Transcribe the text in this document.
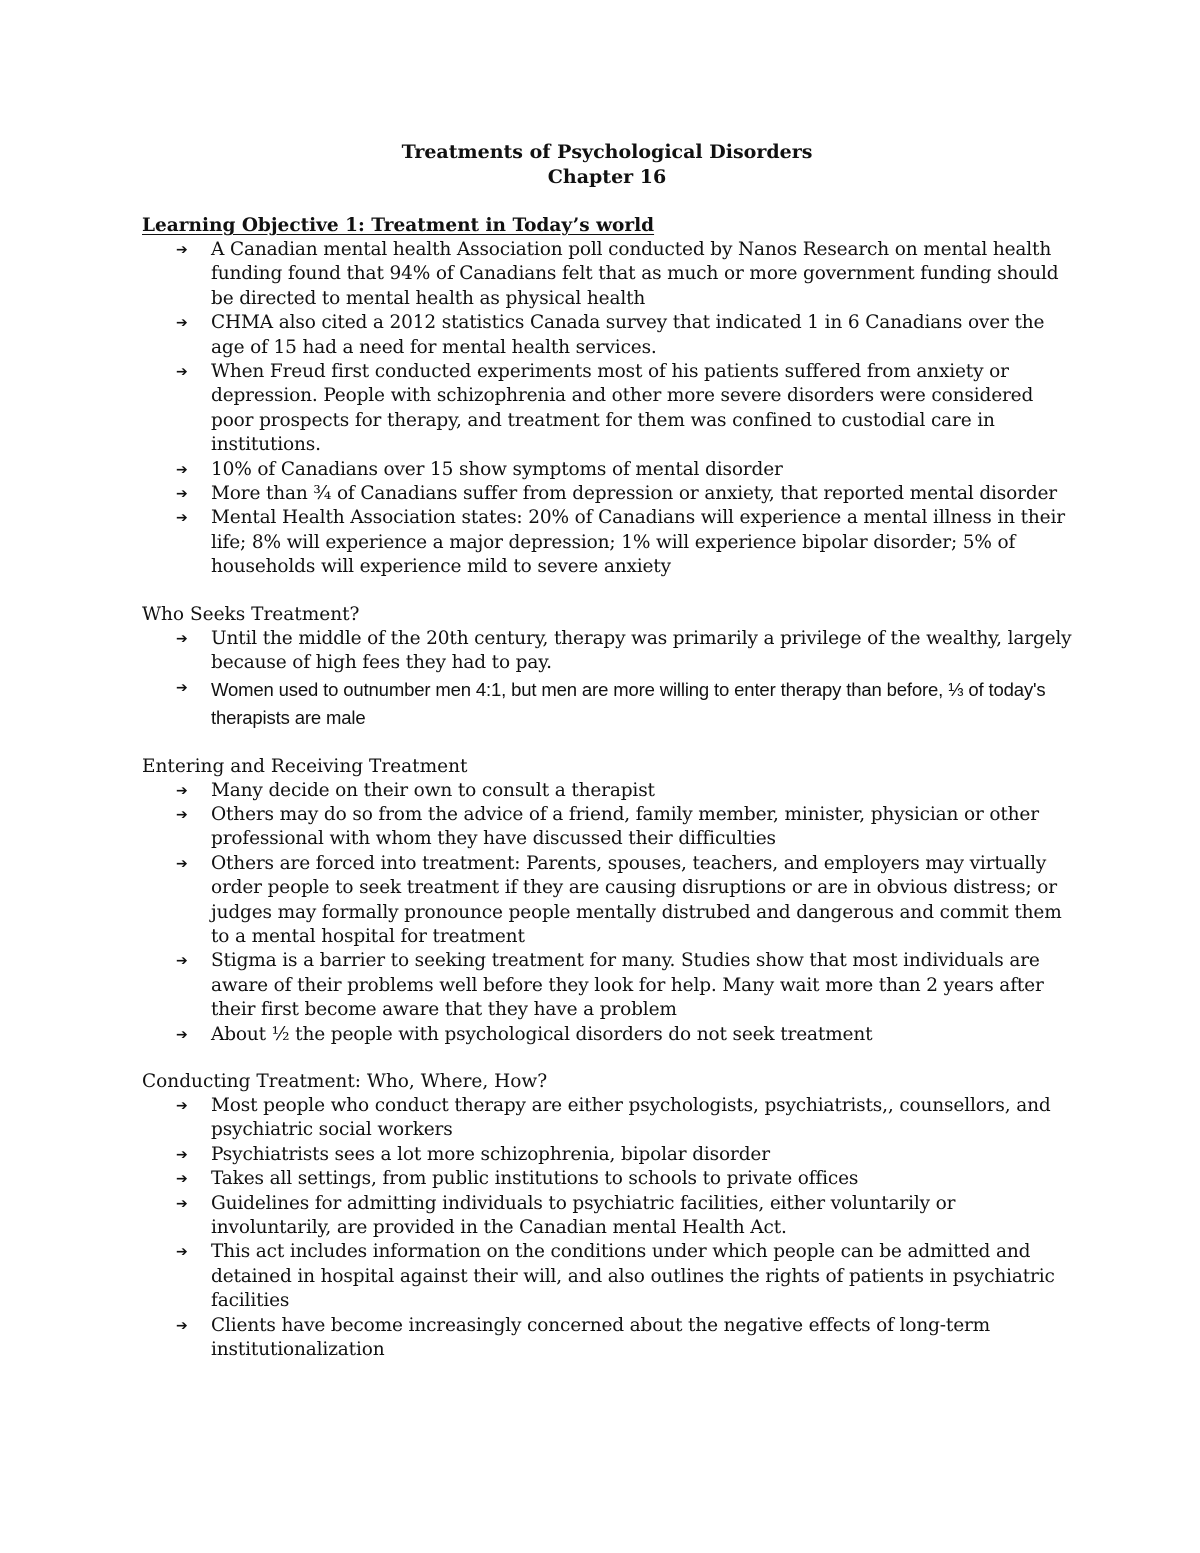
Treatments of Psychological Disorders
Chapter 16

Learning Objective 1: Treatment in Today’s world

➔ A Canadian mental health Association poll conducted by Nanos Research on mental health funding found that 94% of Canadians felt that as much or more government funding should be directed to mental health as physical health
➔ CHMA also cited a 2012 statistics Canada survey that indicated 1 in 6 Canadians over the age of 15 had a need for mental health services.
➔ When Freud first conducted experiments most of his patients suffered from anxiety or depression. People with schizophrenia and other more severe disorders were considered poor prospects for therapy, and treatment for them was confined to custodial care in institutions.
➔ 10% of Canadians over 15 show symptoms of mental disorder
➔ More than ¾ of Canadians suffer from depression or anxiety, that reported mental disorder
➔ Mental Health Association states: 20% of Canadians will experience a mental illness in their life; 8% will experience a major depression; 1% will experience bipolar disorder; 5% of households will experience mild to severe anxiety

Who Seeks Treatment?

➔ Until the middle of the 20th century, therapy was primarily a privilege of the wealthy, largely because of high fees they had to pay.
➔ Women used to outnumber men 4:1, but men are more willing to enter therapy than before, ⅓ of today's therapists are male

Entering and Receiving Treatment

➔ Many decide on their own to consult a therapist
➔ Others may do so from the advice of a friend, family member, minister, physician or other professional with whom they have discussed their difficulties
➔ Others are forced into treatment: Parents, spouses, teachers, and employers may virtually order people to seek treatment if they are causing disruptions or are in obvious distress; or judges may formally pronounce people mentally distrubed and dangerous and commit them to a mental hospital for treatment
➔ Stigma is a barrier to seeking treatment for many. Studies show that most individuals are aware of their problems well before they look for help. Many wait more than 2 years after their first become aware that they have a problem
➔ About ½ the people with psychological disorders do not seek treatment

Conducting Treatment: Who, Where, How?

➔ Most people who conduct therapy are either psychologists, psychiatrists,, counsellors, and psychiatric social workers
➔ Psychiatrists sees a lot more schizophrenia, bipolar disorder
➔ Takes all settings, from public institutions to schools to private offices
➔ Guidelines for admitting individuals to psychiatric facilities, either voluntarily or involuntarily, are provided in the Canadian mental Health Act.
➔ This act includes information on the conditions under which people can be admitted and detained in hospital against their will, and also outlines the rights of patients in psychiatric facilities
➔ Clients have become increasingly concerned about the negative effects of long-term institutionalization
